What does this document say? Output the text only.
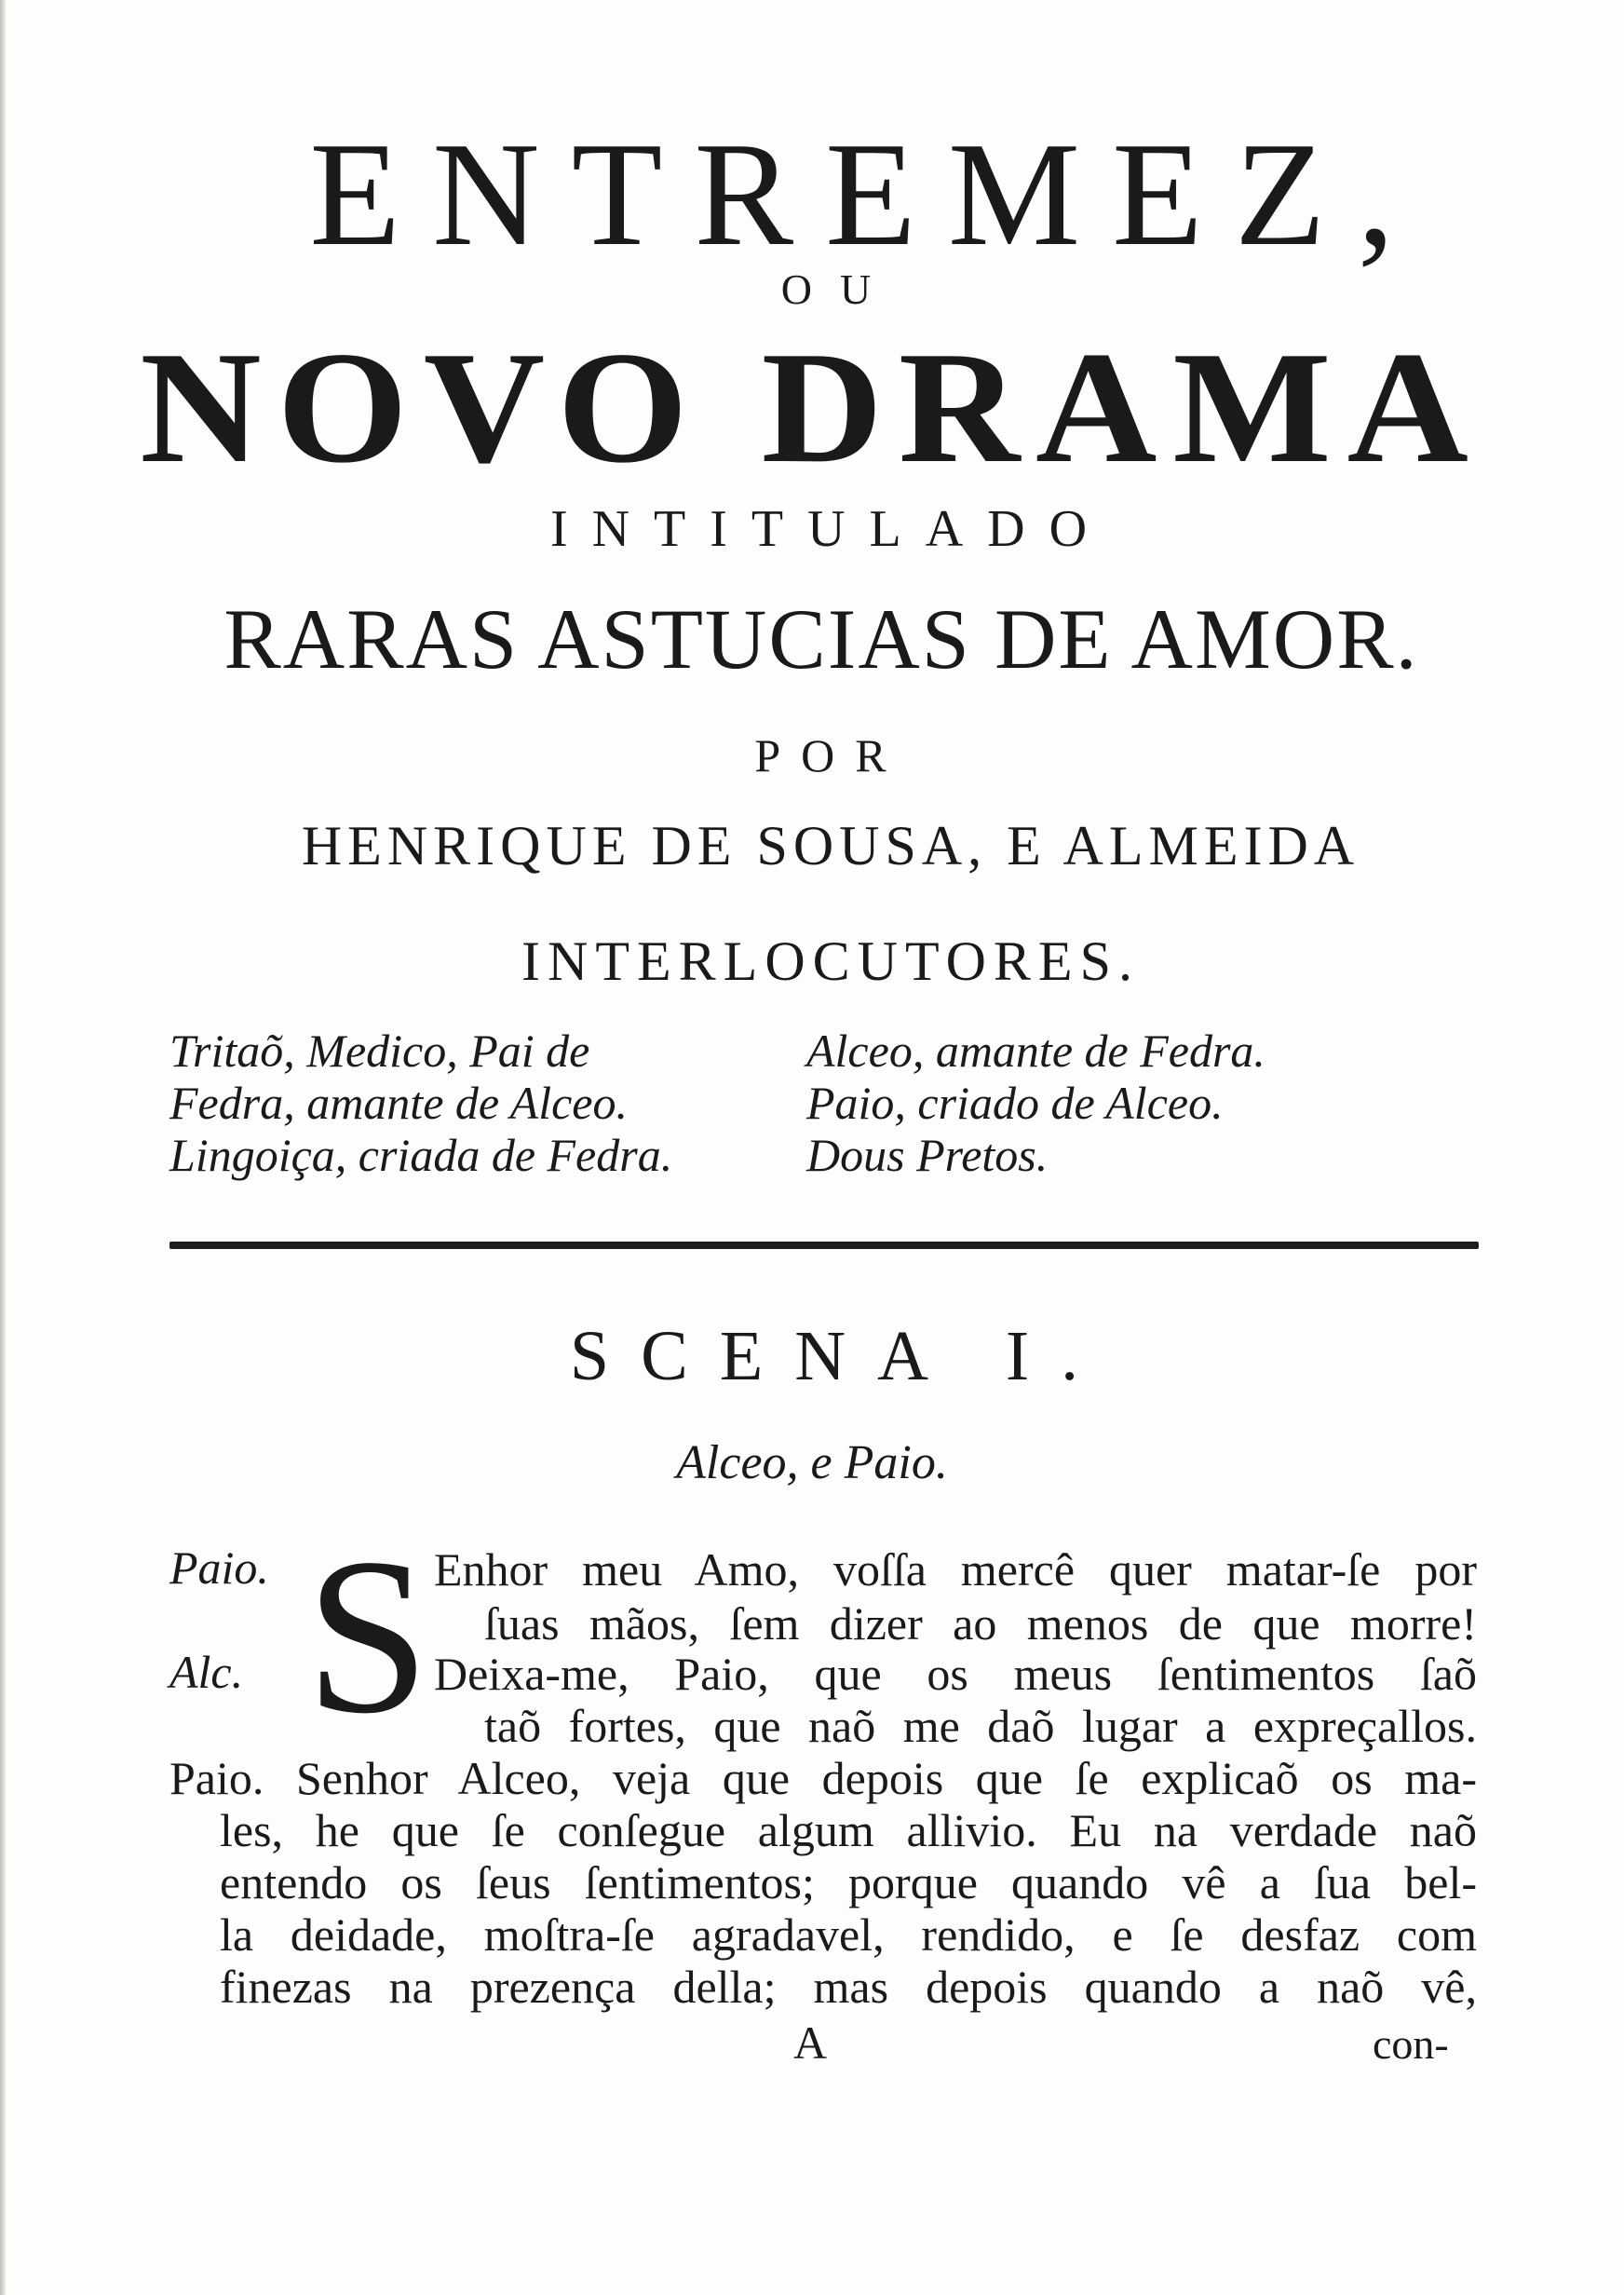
ENTREMEZ,
OU
NOVO DRAMA
INTITULADO
RARAS ASTUCIAS DE AMOR.
POR
HENRIQUE DE SOUSA, E ALMEIDA
INTERLOCUTORES.
Tritaõ, Medico, Pai de
Fedra, amante de Alceo.
Lingoiça, criada de Fedra.
Alceo, amante de Fedra.
Paio, criado de Alceo.
Dous Pretos.
SCENA I.
Alceo, e Paio.
Paio.
Alc. S Enhor meu Amo, voſſa mercê quer matar-ſe por
ſuas mãos, ſem dizer ao menos de que morre!
Deixa-me, Paio, que os meus ſentimentos ſaõ
taõ fortes, que naõ me daõ lugar a expreçallos.
Paio. Senhor Alceo, veja que depois que ſe explicaõ os ma-
les, he que ſe conſegue algum allivio. Eu na verdade naõ
entendo os ſeus ſentimentos; porque quando vê a ſua bel-
la deidade, moſtra-ſe agradavel, rendido, e ſe desfaz com
finezas na prezença della; mas depois quando a naõ vê,
A	con-
